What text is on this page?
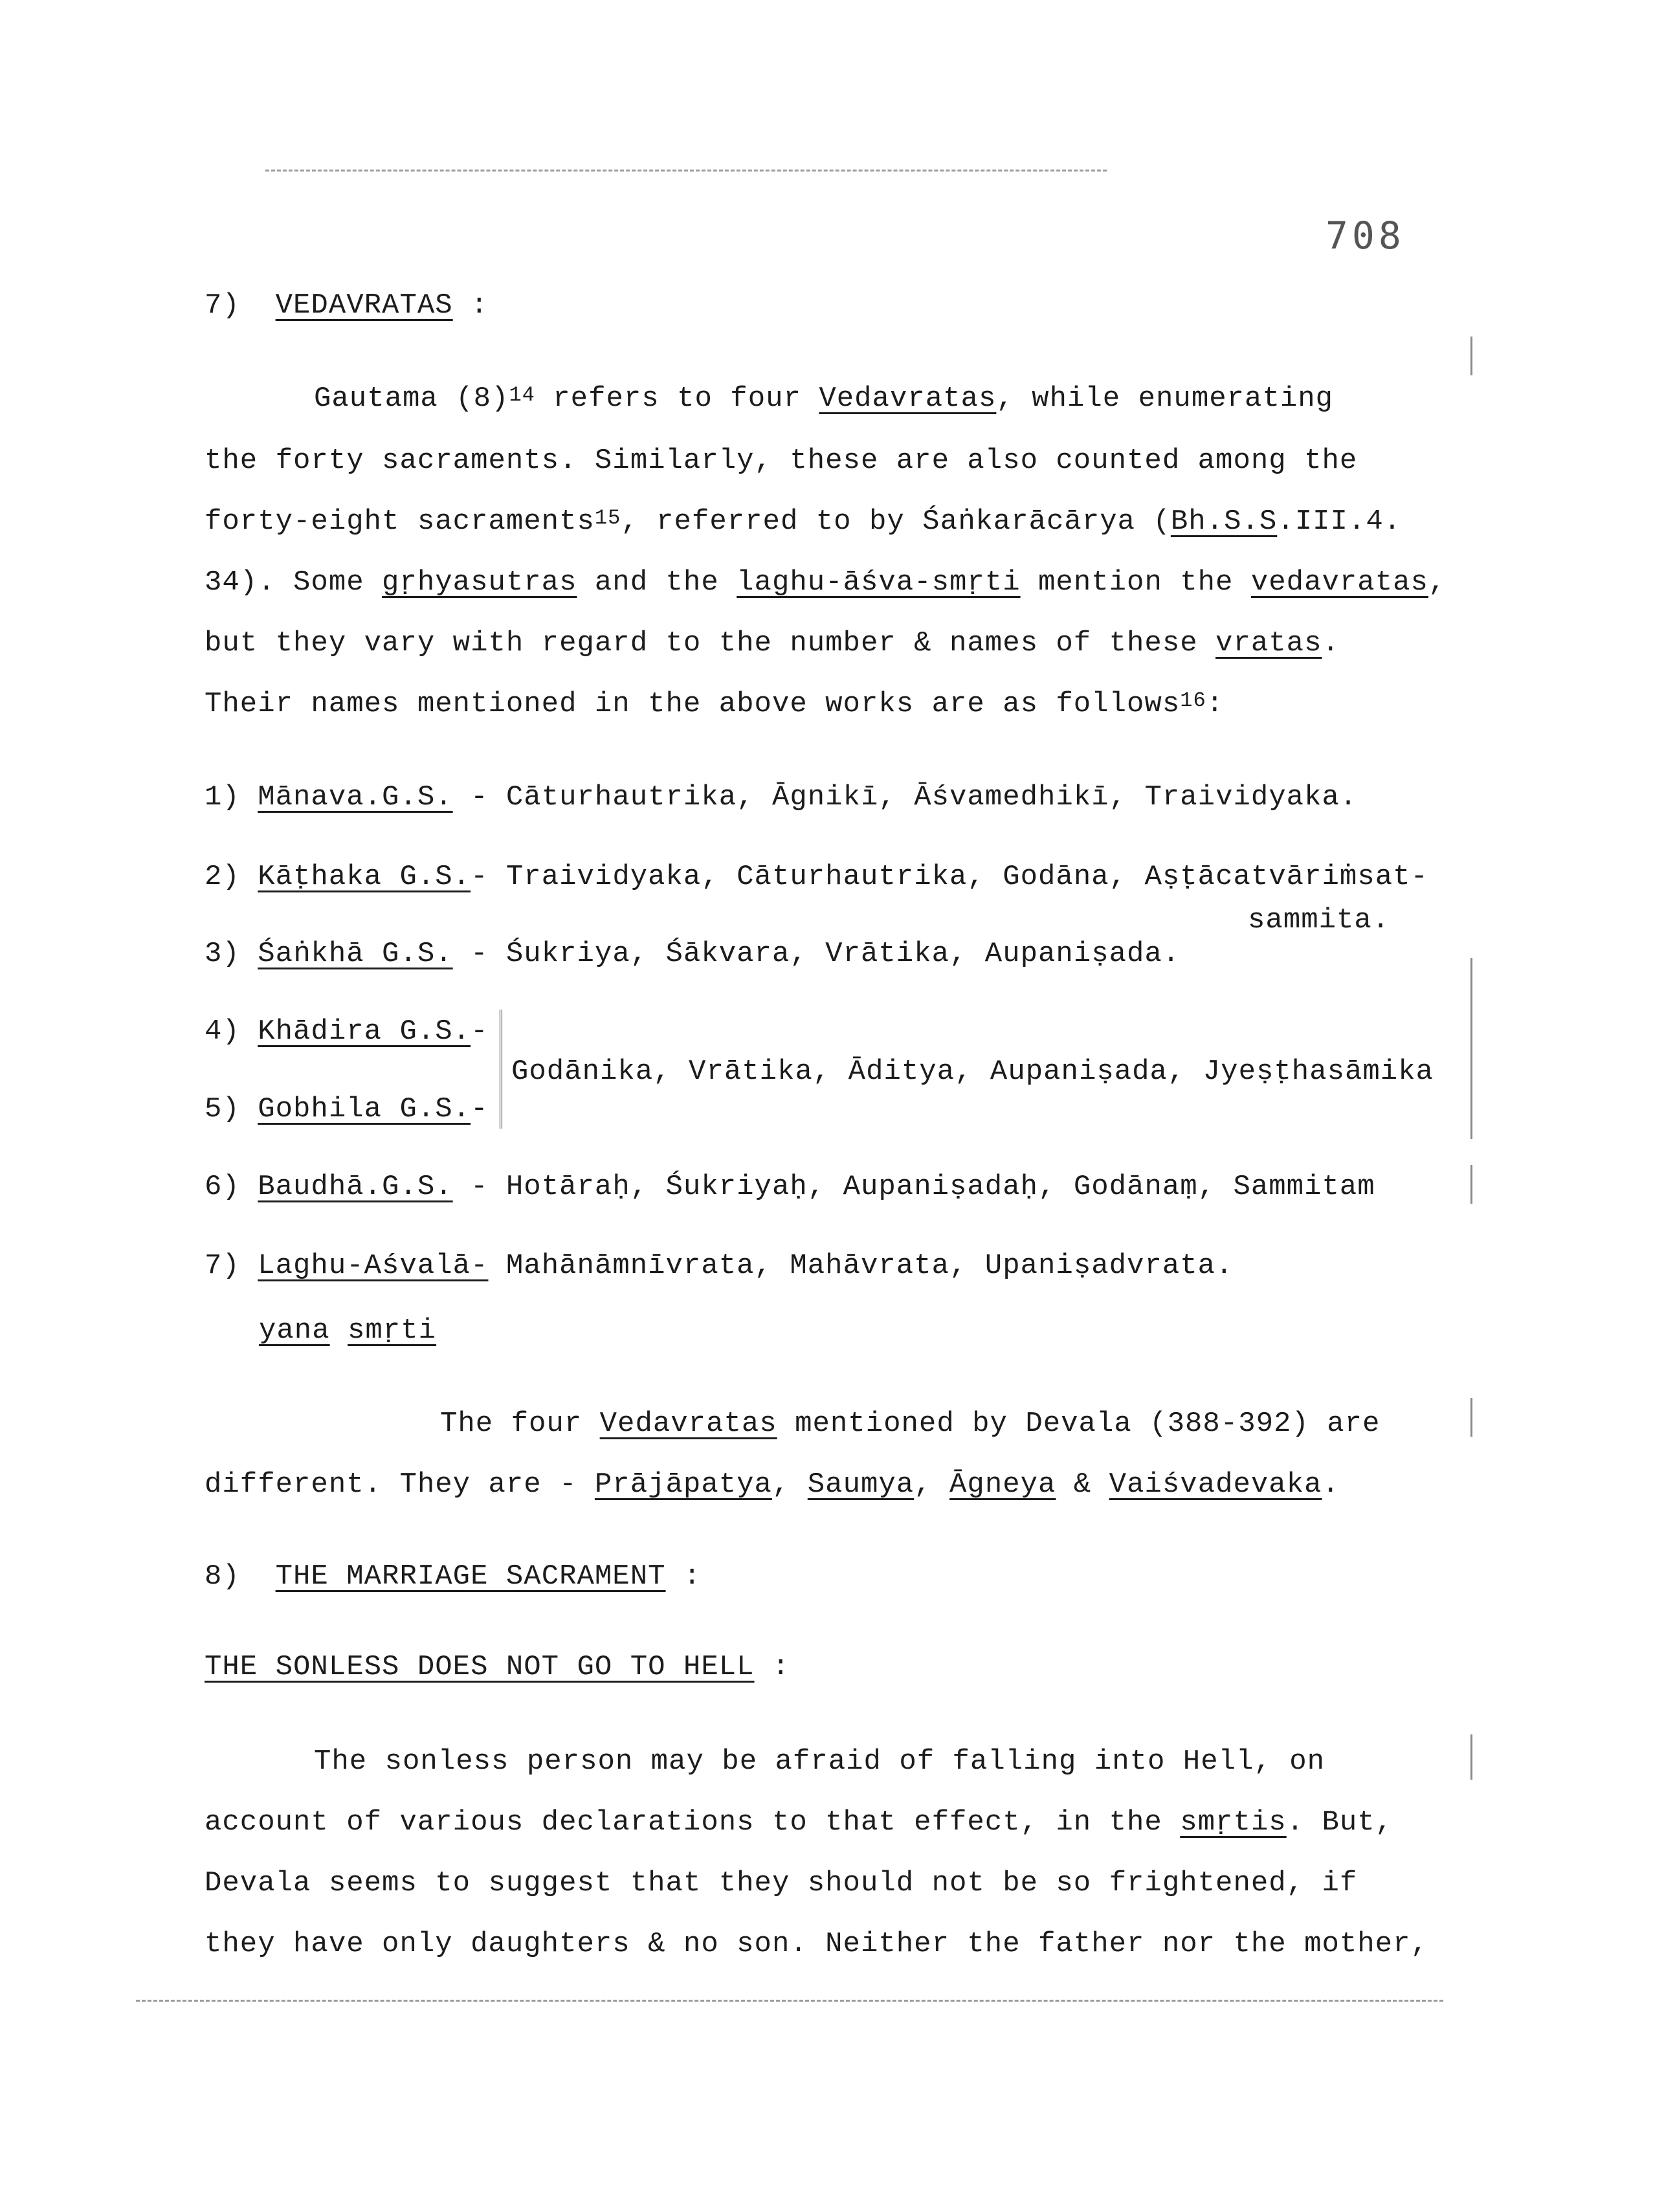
708
7) VEDAVRATAS :
Gautama $(8)^{14}$ refers to four Vedavratas, while enumerating
the forty sacraments. Similarly, these are also counted among the
forty-eight sacraments$^{15}$, referred to by Śaṅkarācārya (Bh.S.S.III.4.
34). Some gṛhyasutras and the laghu-āśva-smṛti mention the vedavratas,
but they vary with regard to the number & names of these vratas.
Their names mentioned in the above works are as follows$^{16}$:
1) Mānava.G.S. - Cāturhautrika, Āgnikī, Āśvamedhikī, Traividyaka.
2) Kāṭhaka G.S.- Traividyaka, Cāturhautrika, Godāna, Aṣṭācatvāriṁsat-
sammita.
3) Śaṅkhā G.S. - Śukriya, Śākvara, Vrātika, Aupaniṣada.
4) Khādira G.S.-
Godānika, Vrātika, Āditya, Aupaniṣada, Jyeṣṭhasāmika
5) Gobhila G.S.-
6) Baudhā.G.S. - Hotāraḥ, Śukriyaḥ, Aupaniṣadaḥ, Godānaṃ, Sammitam
7) Laghu-Aśvalā- Mahānāmnīvrata, Mahāvrata, Upaniṣadvrata.
yana smṛti
The four Vedavratas mentioned by Devala (388-392) are
different. They are - Prājāpatya, Saumya, Āgneya & Vaiśvadevaka.
8) THE MARRIAGE SACRAMENT :
THE SONLESS DOES NOT GO TO HELL :
The sonless person may be afraid of falling into Hell, on
account of various declarations to that effect, in the smṛtis. But,
Devala seems to suggest that they should not be so frightened, if
they have only daughters & no son. Neither the father nor the mother,
